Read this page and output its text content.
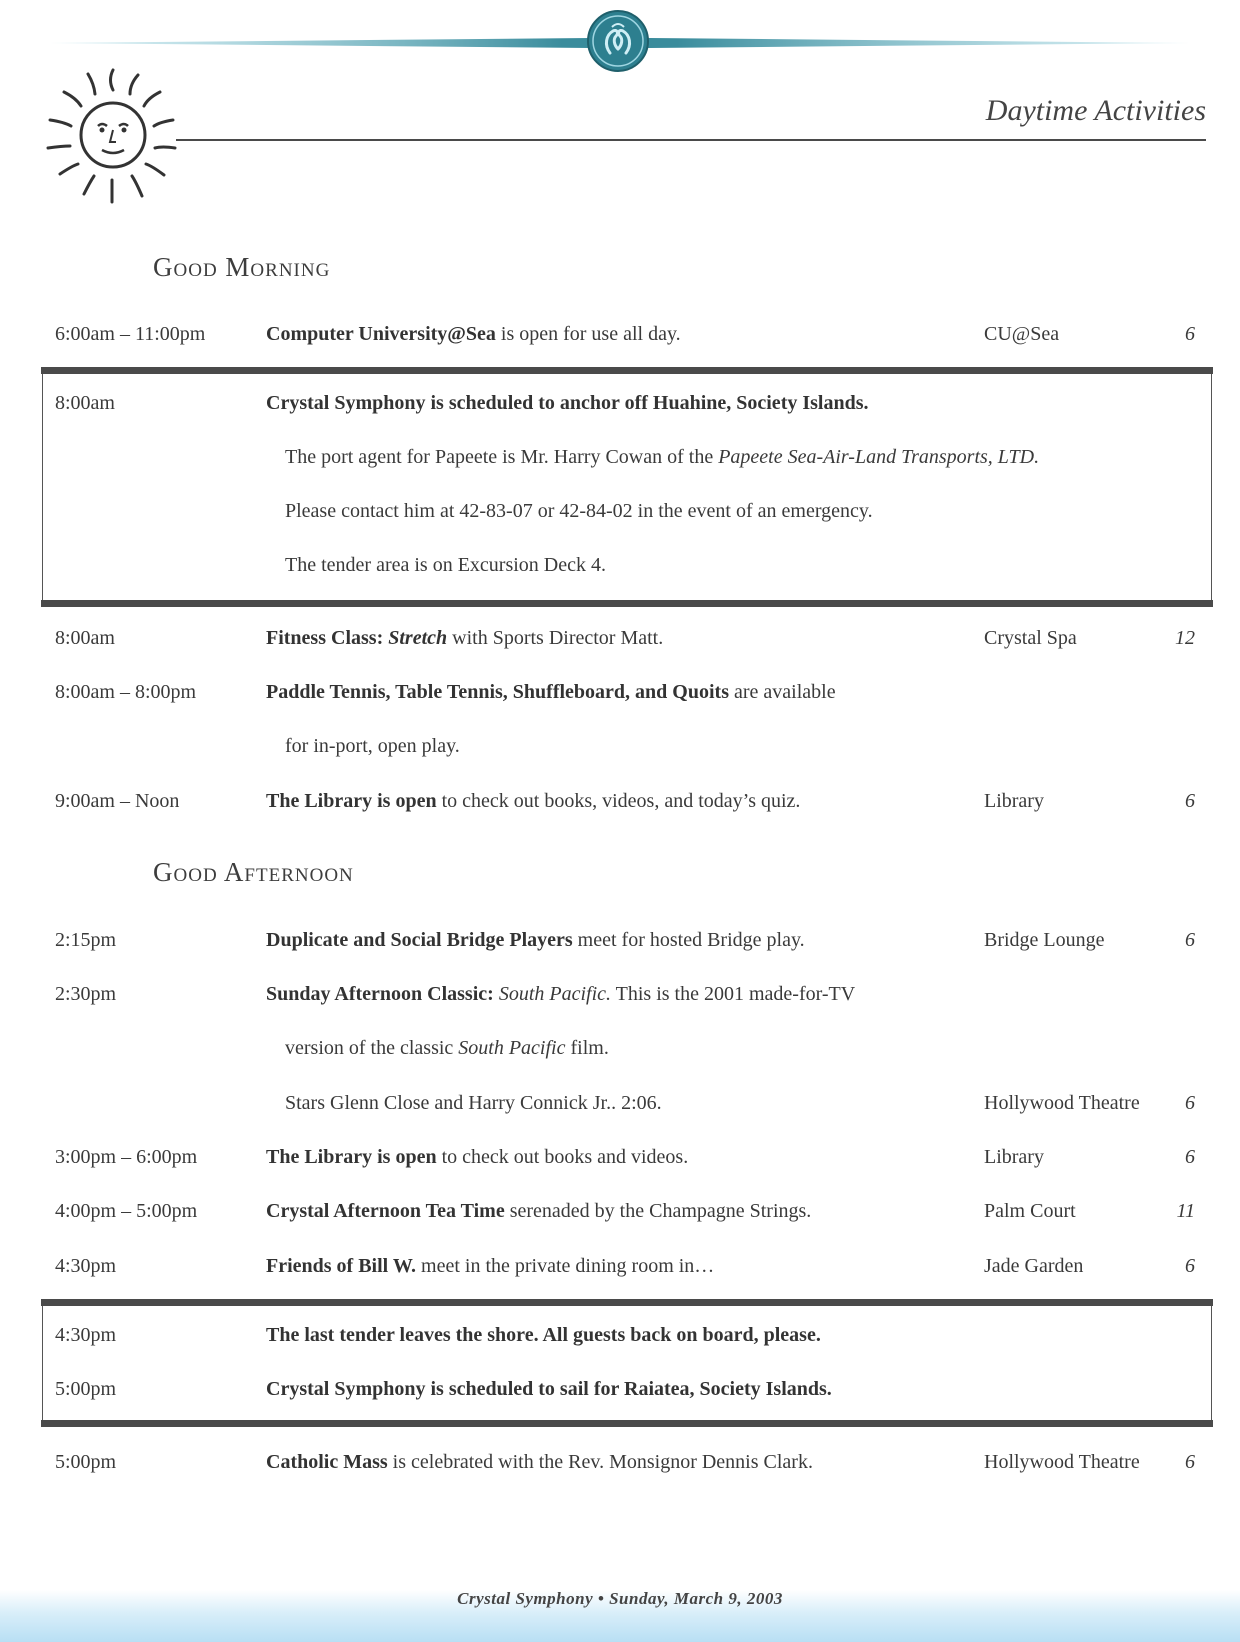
Daytime Activities
Good Morning
6:00am – 11:00pm	Computer University@Sea is open for use all day.	CU@Sea	6
8:00am	Crystal Symphony is scheduled to anchor off Huahine, Society Islands.
The port agent for Papeete is Mr. Harry Cowan of the Papeete Sea-Air-Land Transports, LTD.
Please contact him at 42-83-07 or 42-84-02 in the event of an emergency.
The tender area is on Excursion Deck 4.
8:00am	Fitness Class: Stretch with Sports Director Matt.	Crystal Spa	12
8:00am – 8:00pm	Paddle Tennis, Table Tennis, Shuffleboard, and Quoits are available
for in-port, open play.
9:00am – Noon	The Library is open to check out books, videos, and today’s quiz.	Library	6
Good Afternoon
2:15pm	Duplicate and Social Bridge Players meet for hosted Bridge play.	Bridge Lounge	6
2:30pm	Sunday Afternoon Classic: South Pacific. This is the 2001 made-for-TV
version of the classic South Pacific film.
Stars Glenn Close and Harry Connick Jr.. 2:06.	Hollywood Theatre 6
3:00pm – 6:00pm	The Library is open to check out books and videos.	Library	6
4:00pm – 5:00pm	Crystal Afternoon Tea Time serenaded by the Champagne Strings.	Palm Court	11
4:30pm	Friends of Bill W. meet in the private dining room in…	Jade Garden	6
4:30pm	The last tender leaves the shore. All guests back on board, please.
5:00pm	Crystal Symphony is scheduled to sail for Raiatea, Society Islands.
5:00pm	Catholic Mass is celebrated with the Rev. Monsignor Dennis Clark.	Hollywood Theatre 6
Crystal Symphony • Sunday, March 9, 2003
